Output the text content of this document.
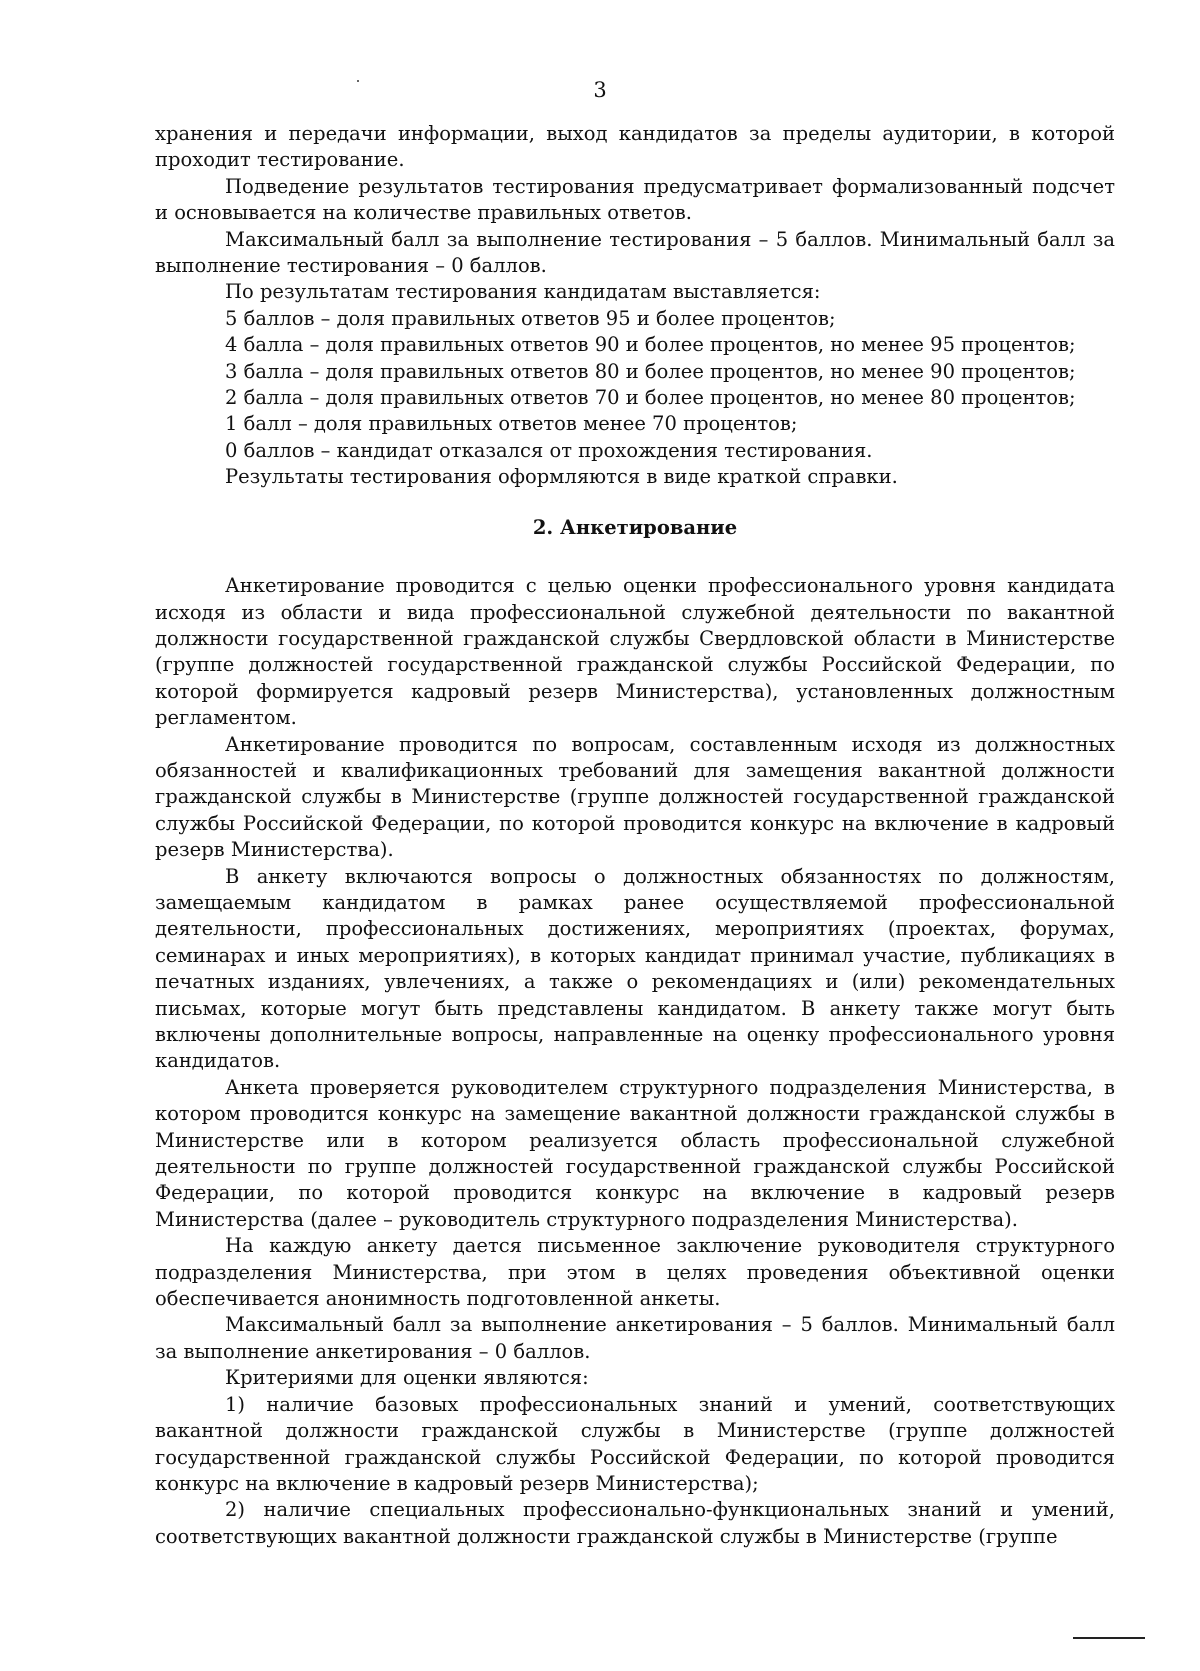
3

хранения и передачи информации, выход кандидатов за пределы аудитории, в которой проходит тестирование.

Подведение результатов тестирования предусматривает формализованный подсчет и основывается на количестве правильных ответов.

Максимальный балл за выполнение тестирования – 5 баллов. Минимальный балл за выполнение тестирования – 0 баллов.

По результатам тестирования кандидатам выставляется:

5 баллов – доля правильных ответов 95 и более процентов;

4 балла – доля правильных ответов 90 и более процентов, но менее 95 процентов;

3 балла – доля правильных ответов 80 и более процентов, но менее 90 процентов;

2 балла – доля правильных ответов 70 и более процентов, но менее 80 процентов;

1 балл – доля правильных ответов менее 70 процентов;

0 баллов – кандидат отказался от прохождения тестирования.

Результаты тестирования оформляются в виде краткой справки.

2. Анкетирование

Анкетирование проводится с целью оценки профессионального уровня кандидата исходя из области и вида профессиональной служебной деятельности по вакантной должности государственной гражданской службы Свердловской области в Министерстве (группе должностей государственной гражданской службы Российской Федерации, по которой формируется кадровый резерв Министерства), установленных должностным регламентом.

Анкетирование проводится по вопросам, составленным исходя из должностных обязанностей и квалификационных требований для замещения вакантной должности гражданской службы в Министерстве (группе должностей государственной гражданской службы Российской Федерации, по которой проводится конкурс на включение в кадровый резерв Министерства).

В анкету включаются вопросы о должностных обязанностях по должностям, замещаемым кандидатом в рамках ранее осуществляемой профессиональной деятельности, профессиональных достижениях, мероприятиях (проектах, форумах, семинарах и иных мероприятиях), в которых кандидат принимал участие, публикациях в печатных изданиях, увлечениях, а также о рекомендациях и (или) рекомендательных письмах, которые могут быть представлены кандидатом. В анкету также могут быть включены дополнительные вопросы, направленные на оценку профессионального уровня кандидатов.

Анкета проверяется руководителем структурного подразделения Министерства, в котором проводится конкурс на замещение вакантной должности гражданской службы в Министерстве или в котором реализуется область профессиональной служебной деятельности по группе должностей государственной гражданской службы Российской Федерации, по которой проводится конкурс на включение в кадровый резерв Министерства (далее – руководитель структурного подразделения Министерства).

На каждую анкету дается письменное заключение руководителя структурного подразделения Министерства, при этом в целях проведения объективной оценки обеспечивается анонимность подготовленной анкеты.

Максимальный балл за выполнение анкетирования – 5 баллов. Минимальный балл за выполнение анкетирования – 0 баллов.

Критериями для оценки являются:

1) наличие базовых профессиональных знаний и умений, соответствующих вакантной должности гражданской службы в Министерстве (группе должностей государственной гражданской службы Российской Федерации, по которой проводится конкурс на включение в кадровый резерв Министерства);

2) наличие специальных профессионально-функциональных знаний и умений, соответствующих вакантной должности гражданской службы в Министерстве (группе
